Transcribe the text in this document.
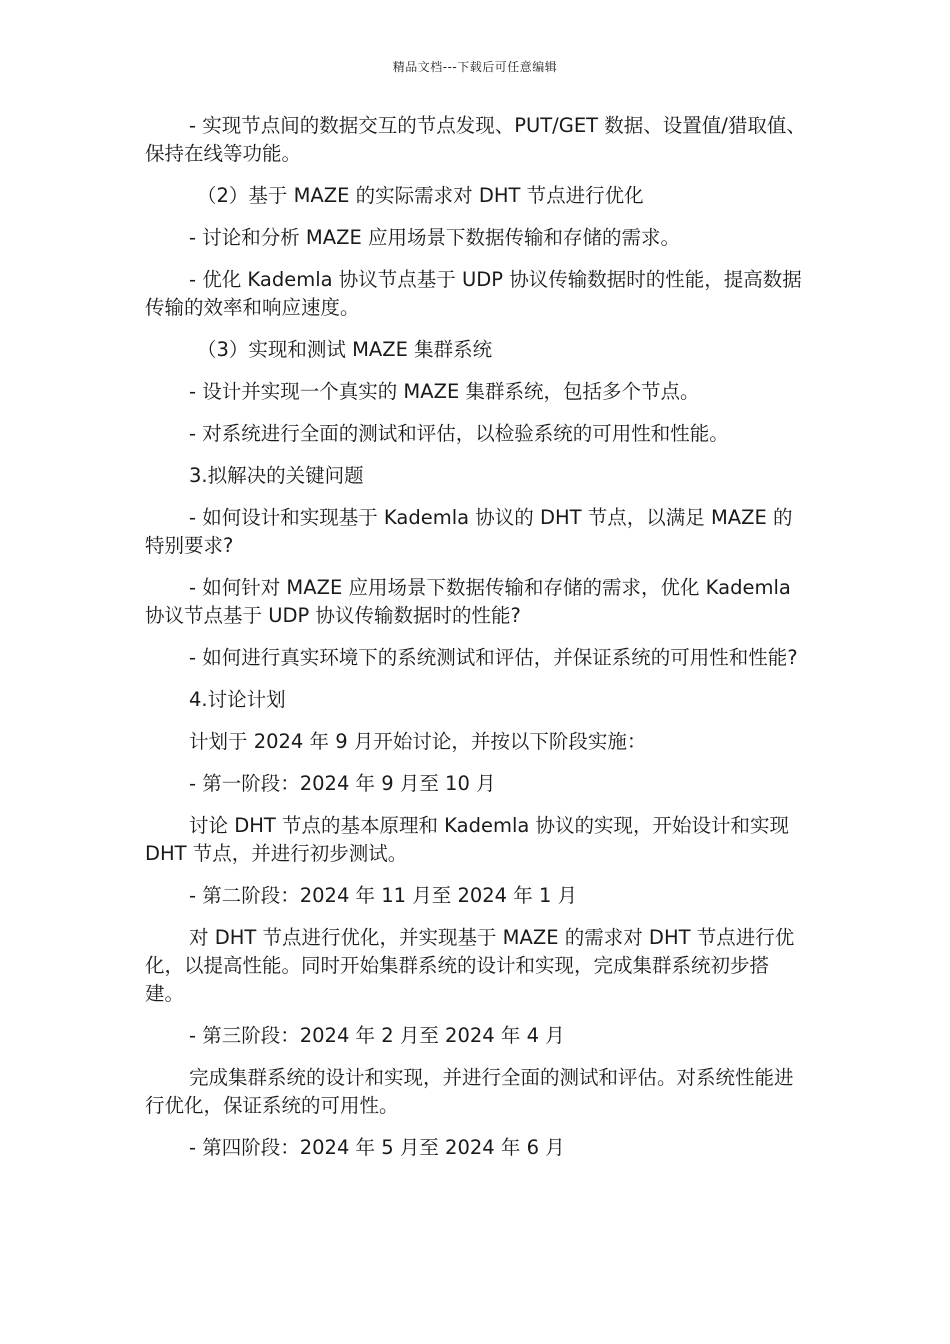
精品文档---下载后可任意编辑

- 实现节点间的数据交互的节点发现、PUT/GET 数据、设置值/猎取值、保持在线等功能。

（2）基于 MAZE 的实际需求对 DHT 节点进行优化

- 讨论和分析 MAZE 应用场景下数据传输和存储的需求。

- 优化 Kademla 协议节点基于 UDP 协议传输数据时的性能，提高数据传输的效率和响应速度。

（3）实现和测试 MAZE 集群系统

- 设计并实现一个真实的 MAZE 集群系统，包括多个节点。

- 对系统进行全面的测试和评估，以检验系统的可用性和性能。

3.拟解决的关键问题

- 如何设计和实现基于 Kademla 协议的 DHT 节点，以满足 MAZE 的特别要求?

- 如何针对 MAZE 应用场景下数据传输和存储的需求，优化 Kademla 协议节点基于 UDP 协议传输数据时的性能?

- 如何进行真实环境下的系统测试和评估，并保证系统的可用性和性能?

4.讨论计划

计划于 2024 年 9 月开始讨论，并按以下阶段实施：

- 第一阶段：2024 年 9 月至 10 月

讨论 DHT 节点的基本原理和 Kademla 协议的实现，开始设计和实现 DHT 节点，并进行初步测试。

- 第二阶段：2024 年 11 月至 2024 年 1 月

对 DHT 节点进行优化，并实现基于 MAZE 的需求对 DHT 节点进行优化，以提高性能。同时开始集群系统的设计和实现，完成集群系统初步搭建。

- 第三阶段：2024 年 2 月至 2024 年 4 月

完成集群系统的设计和实现，并进行全面的测试和评估。对系统性能进行优化，保证系统的可用性。

- 第四阶段：2024 年 5 月至 2024 年 6 月
